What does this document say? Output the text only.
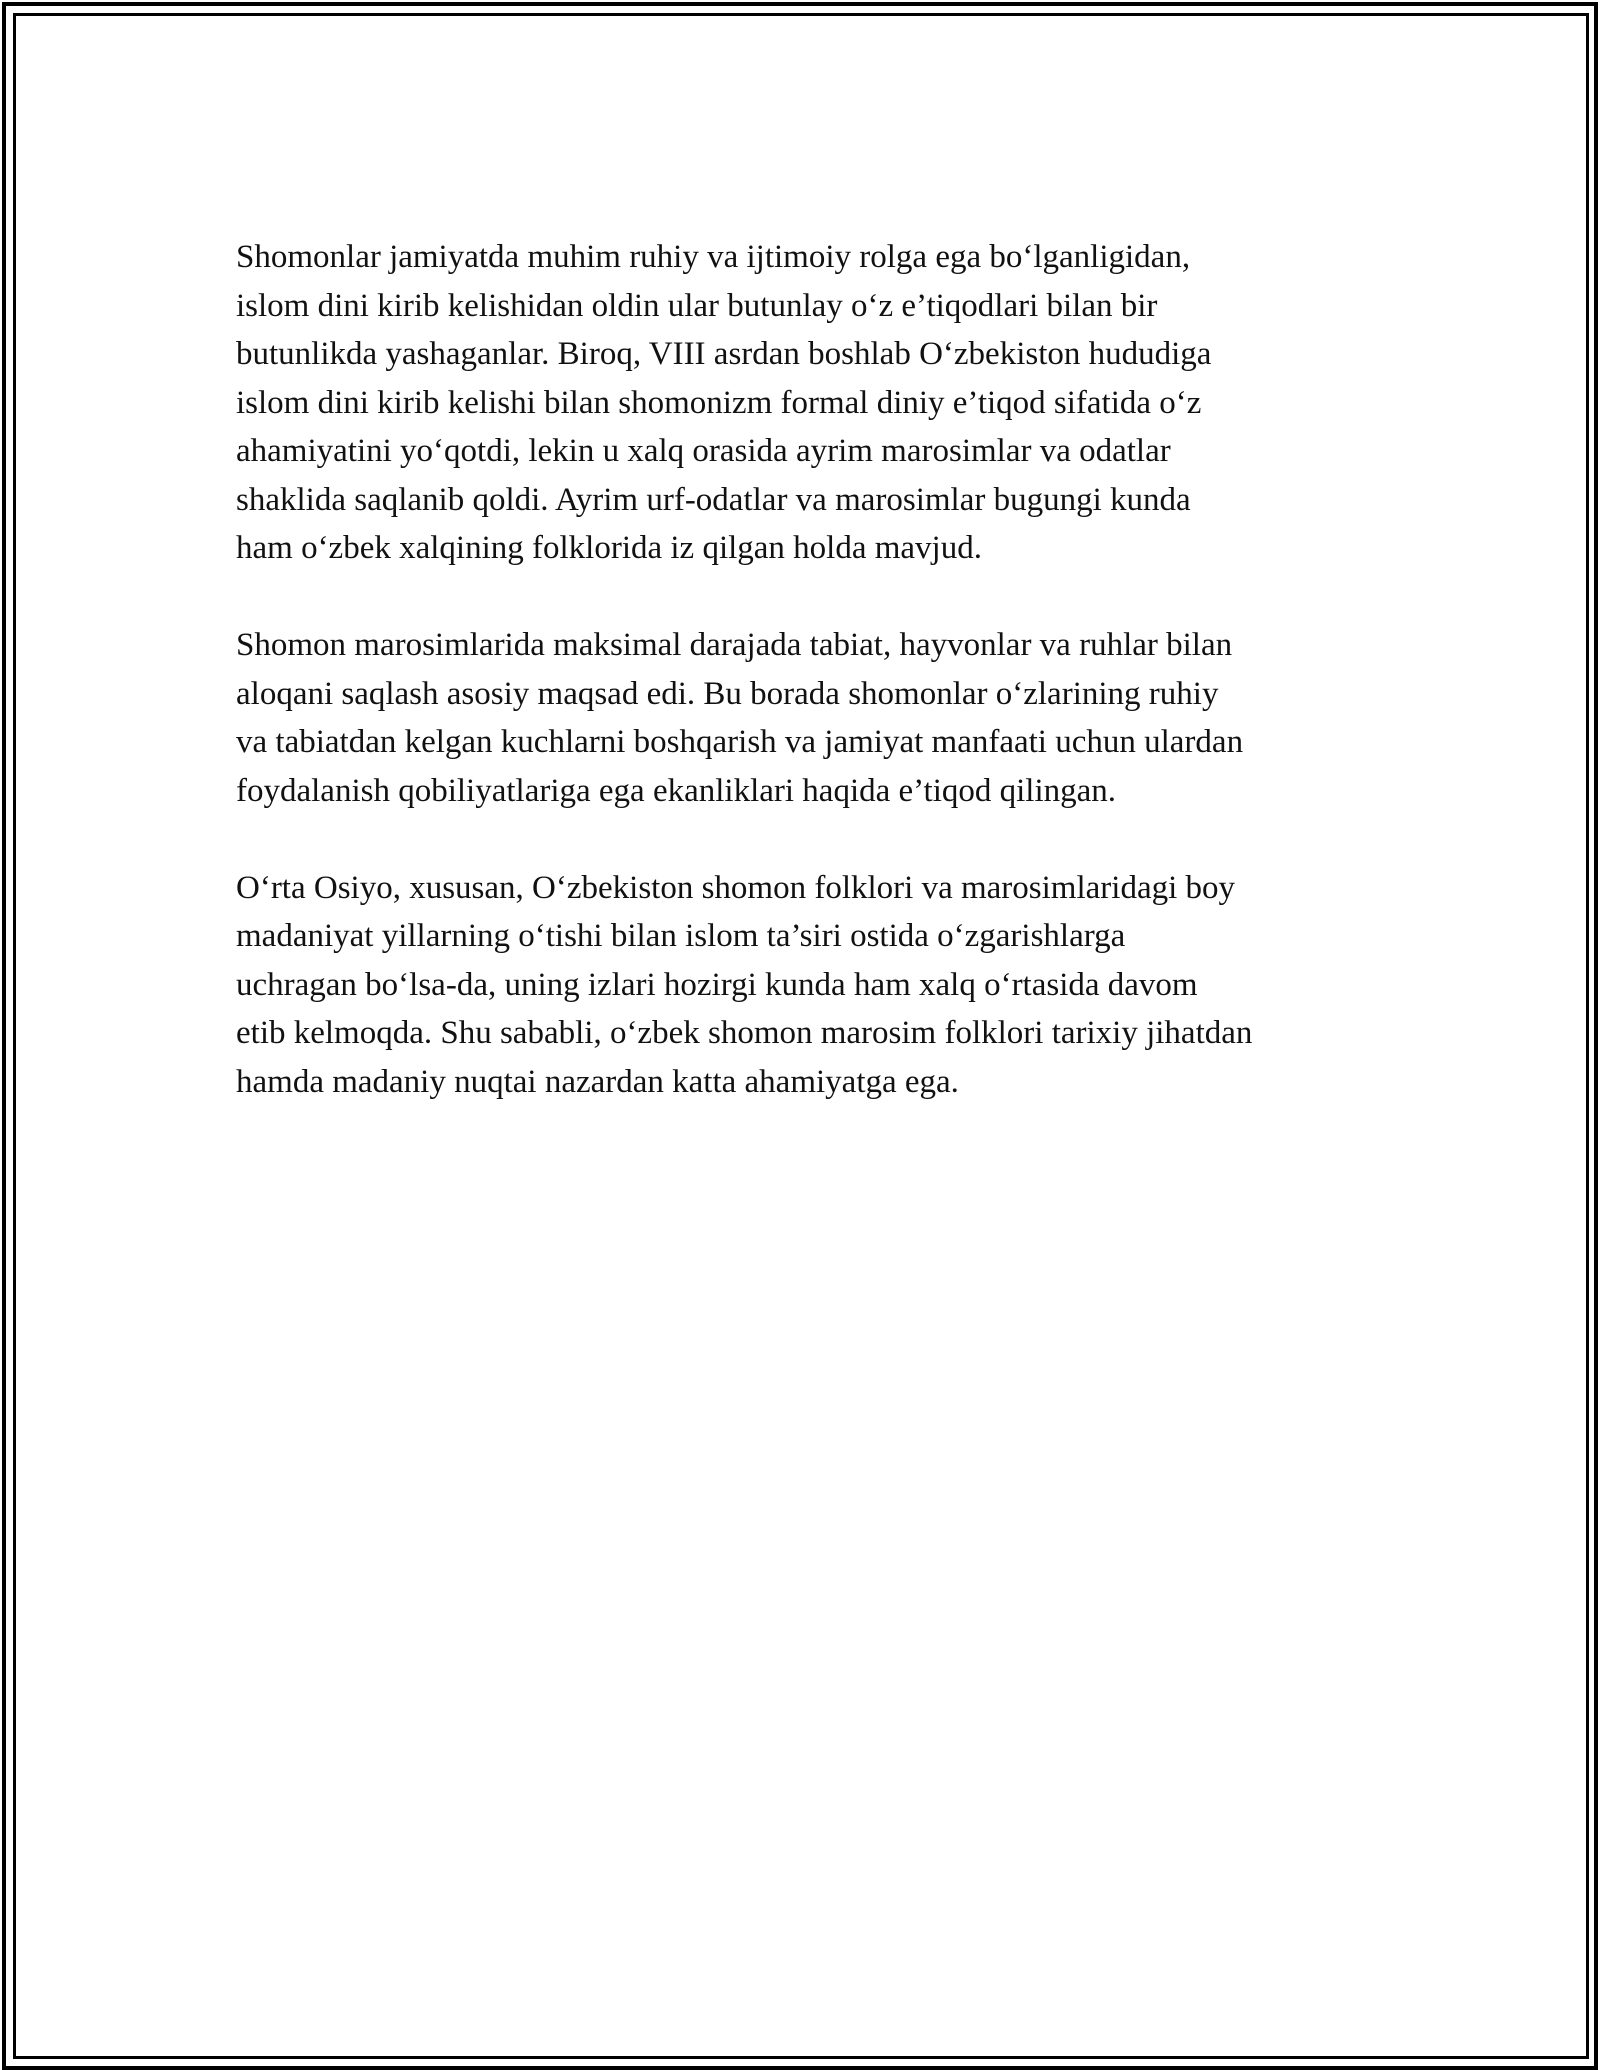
Shomonlar jamiyatda muhim ruhiy va ijtimoiy rolga ega bo‘lganligidan,
islom dini kirib kelishidan oldin ular butunlay o‘z e’tiqodlari bilan bir
butunlikda yashaganlar. Biroq, VIII asrdan boshlab O‘zbekiston hududiga
islom dini kirib kelishi bilan shomonizm formal diniy e’tiqod sifatida o‘z
ahamiyatini yo‘qotdi, lekin u xalq orasida ayrim marosimlar va odatlar
shaklida saqlanib qoldi. Ayrim urf-odatlar va marosimlar bugungi kunda
ham o‘zbek xalqining folklorida iz qilgan holda mavjud.

Shomon marosimlarida maksimal darajada tabiat, hayvonlar va ruhlar bilan
aloqani saqlash asosiy maqsad edi. Bu borada shomonlar o‘zlarining ruhiy
va tabiatdan kelgan kuchlarni boshqarish va jamiyat manfaati uchun ulardan
foydalanish qobiliyatlariga ega ekanliklari haqida e’tiqod qilingan.

O‘rta Osiyo, xususan, O‘zbekiston shomon folklori va marosimlaridagi boy
madaniyat yillarning o‘tishi bilan islom ta’siri ostida o‘zgarishlarga
uchragan bo‘lsa-da, uning izlari hozirgi kunda ham xalq o‘rtasida davom
etib kelmoqda. Shu sababli, o‘zbek shomon marosim folklori tarixiy jihatdan
hamda madaniy nuqtai nazardan katta ahamiyatga ega.
